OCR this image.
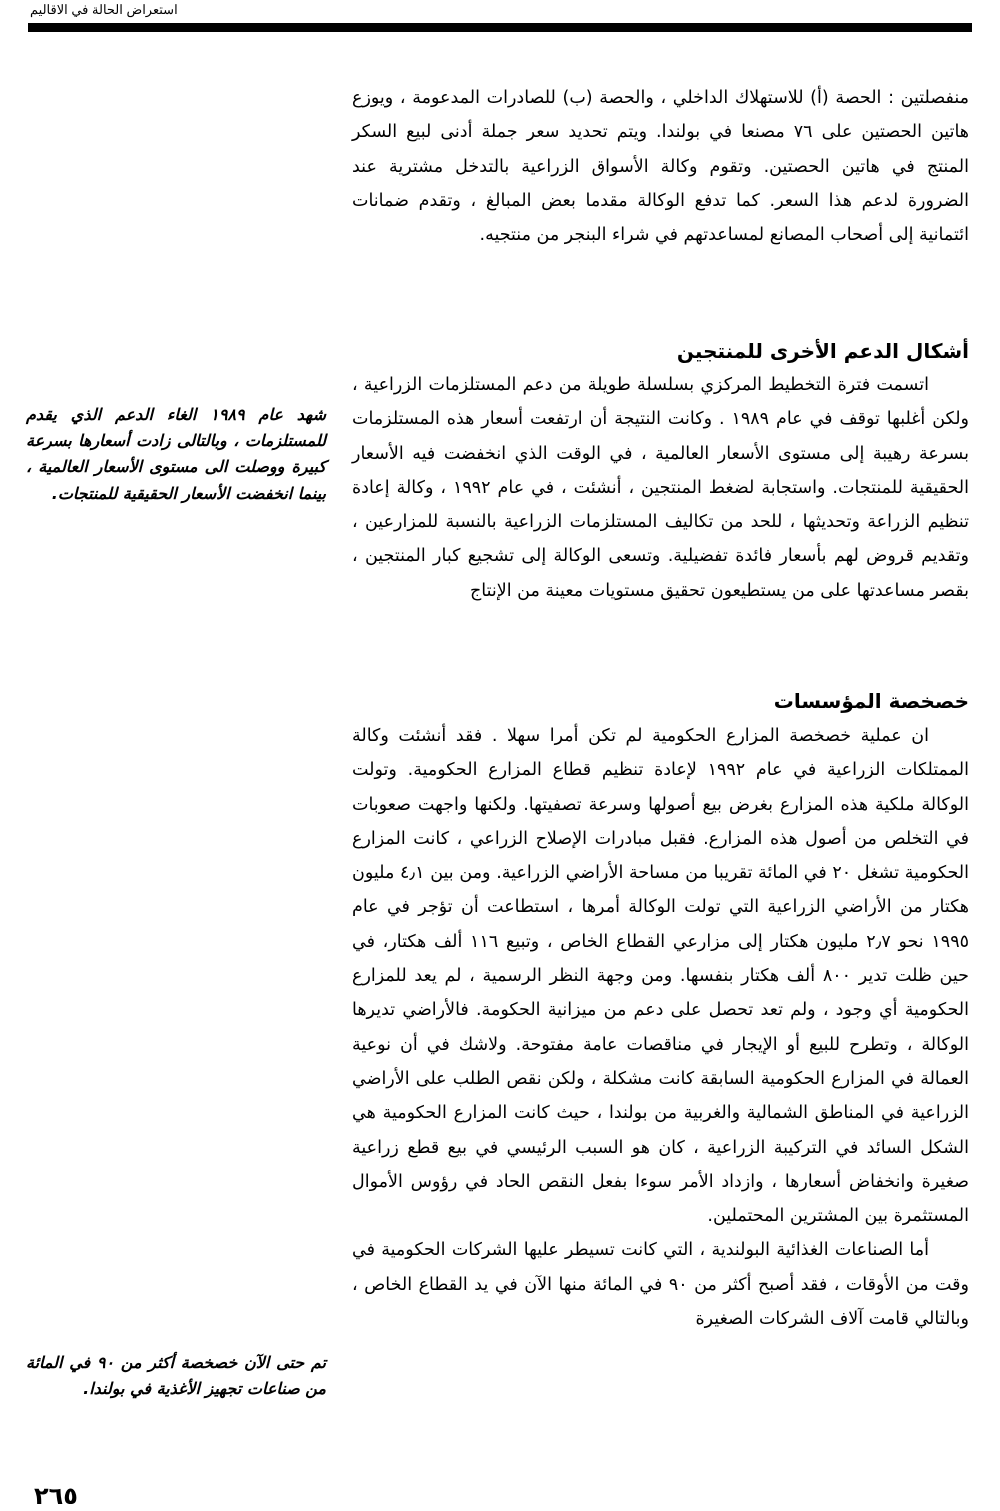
استعراض الحالة في الاقاليم

منفصلتين : الحصة (أ) للاستهلاك الداخلي ، والحصة (ب) للصادرات المدعومة ، ويوزع هاتين الحصتين على ٧٦ مصنعا في بولندا. ويتم تحديد سعر جملة أدنى لبيع السكر المنتج في هاتين الحصتين. وتقوم وكالة الأسواق الزراعية بالتدخل مشترية عند الضرورة لدعم هذا السعر. كما تدفع الوكالة مقدما بعض المبالغ ، وتقدم ضمانات ائتمانية إلى أصحاب المصانع لمساعدتهم في شراء البنجر من منتجيه.

أشكال الدعم الأخرى للمنتجين

اتسمت فترة التخطيط المركزي بسلسلة طويلة من دعم المستلزمات الزراعية ، ولكن أغلبها توقف في عام ١٩٨٩ . وكانت النتيجة أن ارتفعت أسعار هذه المستلزمات بسرعة رهيبة إلى مستوى الأسعار العالمية ، في الوقت الذي انخفضت فيه الأسعار الحقيقية للمنتجات. واستجابة لضغط المنتجين ، أنشئت ، في عام ١٩٩٢ ، وكالة إعادة تنظيم الزراعة وتحديثها ، للحد من تكاليف المستلزمات الزراعية بالنسبة للمزارعين ، وتقديم قروض لهم بأسعار فائدة تفضيلية. وتسعى الوكالة إلى تشجيع كبار المنتجين ، بقصر مساعدتها على من يستطيعون تحقيق مستويات معينة من الإنتاج

خصخصة المؤسسات

ان عملية خصخصة المزارع الحكومية لم تكن أمرا سهلا . فقد أنشئت وكالة الممتلكات الزراعية في عام ١٩٩٢ لإعادة تنظيم قطاع المزارع الحكومية. وتولت الوكالة ملكية هذه المزارع بغرض بيع أصولها وسرعة تصفيتها. ولكنها واجهت صعوبات في التخلص من أصول هذه المزارع. فقبل مبادرات الإصلاح الزراعي ، كانت المزارع الحكومية تشغل ٢٠ في المائة تقريبا من مساحة الأراضي الزراعية. ومن بين ٤٫١ مليون هكتار من الأراضي الزراعية التي تولت الوكالة أمرها ، استطاعت أن تؤجر في عام ١٩٩٥ نحو ٢٫٧ مليون هكتار إلى مزارعي القطاع الخاص ، وتبيع ١١٦ ألف هكتار، في حين ظلت تدير ٨٠٠ ألف هكتار بنفسها. ومن وجهة النظر الرسمية ، لم يعد للمزارع الحكومية أي وجود ، ولم تعد تحصل على دعم من ميزانية الحكومة. فالأراضي تديرها الوكالة ، وتطرح للبيع أو الإيجار في مناقصات عامة مفتوحة. ولاشك في أن نوعية العمالة في المزارع الحكومية السابقة كانت مشكلة ، ولكن نقص الطلب على الأراضي الزراعية في المناطق الشمالية والغربية من بولندا ، حيث كانت المزارع الحكومية هي الشكل السائد في التركيبة الزراعية ، كان هو السبب الرئيسي في بيع قطع زراعية صغيرة وانخفاض أسعارها ، وازداد الأمر سوءا بفعل النقص الحاد في رؤوس الأموال المستثمرة بين المشترين المحتملين.

أما الصناعات الغذائية البولندية ، التي كانت تسيطر عليها الشركات الحكومية في وقت من الأوقات ، فقد أصبح أكثر من ٩٠ في المائة منها الآن في يد القطاع الخاص ، وبالتالي قامت آلاف الشركات الصغيرة

شهد عام ١٩٨٩ الغاء الدعم الذي يقدم للمستلزمات ، وبالتالى زادت أسعارها بسرعة كبيرة ووصلت الى مستوى الأسعار العالمية ، بينما انخفضت الأسعار الحقيقية للمنتجات.
تم حتى الآن خصخصة أكثر من ٩٠ في المائة من صناعات تجهيز الأغذية في بولندا.
٢٦٥
